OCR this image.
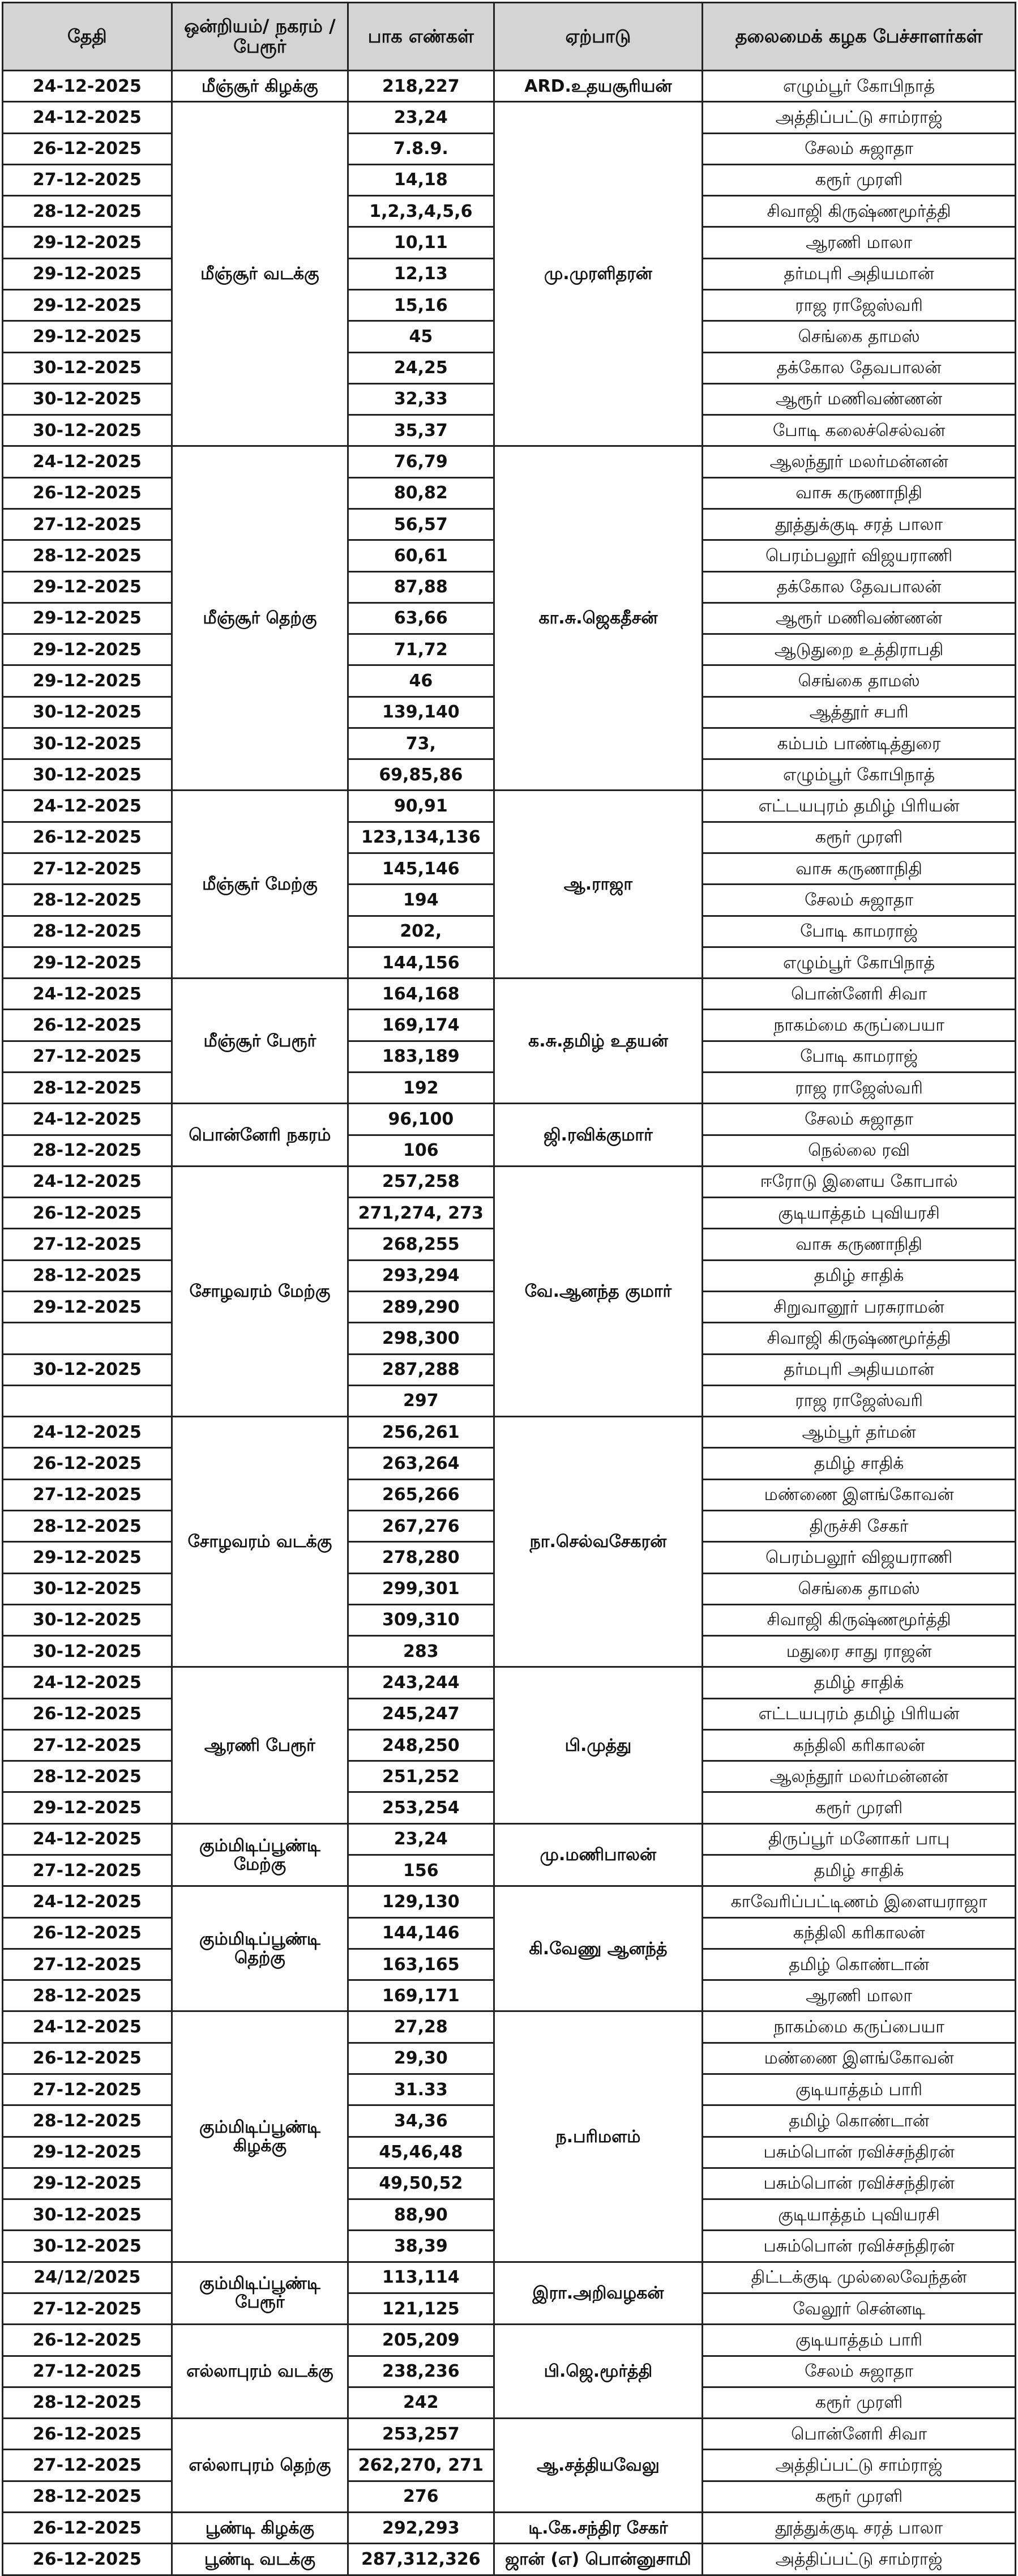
தேதி	ஒன்றியம்/ நகரம் / பேரூர்	பாக எண்கள்	ஏற்பாடு	தலைமைக் கழக பேச்சாளர்கள்
24-12-2025	மீஞ்சூர் கிழக்கு	218,227	ARD.உதயசூரியன்	எழும்பூர் கோபிநாத்
24-12-2025	மீஞ்சூர் வடக்கு	23,24	மு.முரளிதரன்	அத்திப்பட்டு சாம்ராஜ்
26-12-2025		7.8.9.		சேலம் சுஜாதா
27-12-2025		14,18		கரூர் முரளி
28-12-2025		1,2,3,4,5,6		சிவாஜி கிருஷ்ணமூர்த்தி
29-12-2025		10,11		ஆரணி மாலா
29-12-2025		12,13		தர்மபுரி அதியமான்
29-12-2025		15,16		ராஜ ராஜேஸ்வரி
29-12-2025		45		செங்கை தாமஸ்
30-12-2025		24,25		தக்கோல தேவபாலன்
30-12-2025		32,33		ஆரூர் மணிவண்ணன்
30-12-2025		35,37		போடி கலைச்செல்வன்
24-12-2025	மீஞ்சூர் தெற்கு	76,79	கா.சு.ஜெகதீசன்	ஆலந்தூர் மலர்மன்னன்
26-12-2025		80,82		வாசு கருணாநிதி
27-12-2025		56,57		தூத்துக்குடி சரத் பாலா
28-12-2025		60,61		பெரம்பலூர் விஜயராணி
29-12-2025		87,88		தக்கோல தேவபாலன்
29-12-2025		63,66		ஆரூர் மணிவண்ணன்
29-12-2025		71,72		ஆடுதுறை உத்திராபதி
29-12-2025		46		செங்கை தாமஸ்
30-12-2025		139,140		ஆத்தூர் சபரி
30-12-2025		73,		கம்பம் பாண்டித்துரை
30-12-2025		69,85,86		எழும்பூர் கோபிநாத்
24-12-2025	மீஞ்சூர் மேற்கு	90,91	ஆ.ராஜா	எட்டயபுரம் தமிழ் பிரியன்
26-12-2025		123,134,136		கரூர் முரளி
27-12-2025		145,146		வாசு கருணாநிதி
28-12-2025		194		சேலம் சுஜாதா
28-12-2025		202,		போடி காமராஜ்
29-12-2025		144,156		எழும்பூர் கோபிநாத்
24-12-2025	மீஞ்சூர் பேரூர்	164,168	க.சு.தமிழ் உதயன்	பொன்னேரி சிவா
26-12-2025		169,174		நாகம்மை கருப்பையா
27-12-2025		183,189		போடி காமராஜ்
28-12-2025		192		ராஜ ராஜேஸ்வரி
24-12-2025	பொன்னேரி நகரம்	96,100	ஜி.ரவிக்குமார்	சேலம் சுஜாதா
28-12-2025		106		நெல்லை ரவி
24-12-2025	சோழவரம் மேற்கு	257,258	வே.ஆனந்த குமார்	ஈரோடு இளைய கோபால்
26-12-2025		271,274, 273		குடியாத்தம் புவியரசி
27-12-2025		268,255		வாசு கருணாநிதி
28-12-2025		293,294		தமிழ் சாதிக்
29-12-2025		289,290		சிறுவானூர் பரசுராமன்
		298,300		சிவாஜி கிருஷ்ணமூர்த்தி
30-12-2025		287,288		தர்மபுரி அதியமான்
		297		ராஜ ராஜேஸ்வரி
24-12-2025	சோழவரம் வடக்கு	256,261	நா.செல்வசேகரன்	ஆம்பூர் தர்மன்
26-12-2025		263,264		தமிழ் சாதிக்
27-12-2025		265,266		மண்ணை இளங்கோவன்
28-12-2025		267,276		திருச்சி சேகர்
29-12-2025		278,280		பெரம்பலூர் விஜயராணி
30-12-2025		299,301		செங்கை தாமஸ்
30-12-2025		309,310		சிவாஜி கிருஷ்ணமூர்த்தி
30-12-2025		283		மதுரை சாது ராஜன்
24-12-2025	ஆரணி பேரூர்	243,244	பி.முத்து	தமிழ் சாதிக்
26-12-2025		245,247		எட்டயபுரம் தமிழ் பிரியன்
27-12-2025		248,250		கந்திலி கரிகாலன்
28-12-2025		251,252		ஆலந்தூர் மலர்மன்னன்
29-12-2025		253,254		கரூர் முரளி
24-12-2025	கும்மிடிப்பூண்டி மேற்கு	23,24	மு.மணிபாலன்	திருப்பூர் மனோகர் பாபு
27-12-2025		156		தமிழ் சாதிக்
24-12-2025	கும்மிடிப்பூண்டி தெற்கு	129,130	கி.வேணு ஆனந்த்	காவேரிப்பட்டிணம் இளையராஜா
26-12-2025		144,146		கந்திலி கரிகாலன்
27-12-2025		163,165		தமிழ் கொண்டான்
28-12-2025		169,171		ஆரணி மாலா
24-12-2025	கும்மிடிப்பூண்டி கிழக்கு	27,28	ந.பரிமளம்	நாகம்மை கருப்பையா
26-12-2025		29,30		மண்ணை இளங்கோவன்
27-12-2025		31.33		குடியாத்தம் பாரி
28-12-2025		34,36		தமிழ் கொண்டான்
29-12-2025		45,46,48		பசும்பொன் ரவிச்சந்திரன்
29-12-2025		49,50,52		பசும்பொன் ரவிச்சந்திரன்
30-12-2025		88,90		குடியாத்தம் புவியரசி
30-12-2025		38,39		பசும்பொன் ரவிச்சந்திரன்
24/12/2025	கும்மிடிப்பூண்டி பேரூர்	113,114	இரா.அறிவழகன்	திட்டக்குடி முல்லைவேந்தன்
27-12-2025		121,125		வேலூர் சென்னடி
26-12-2025	எல்லாபுரம் வடக்கு	205,209	பி.ஜெ.மூர்த்தி	குடியாத்தம் பாரி
27-12-2025		238,236		சேலம் சுஜாதா
28-12-2025		242		கரூர் முரளி
26-12-2025	எல்லாபுரம் தெற்கு	253,257	ஆ.சத்தியவேலு	பொன்னேரி சிவா
27-12-2025		262,270, 271		அத்திப்பட்டு சாம்ராஜ்
28-12-2025		276		கரூர் முரளி
26-12-2025	பூண்டி கிழக்கு	292,293	டி.கே.சந்திர சேகர்	தூத்துக்குடி சரத் பாலா
26-12-2025	பூண்டி வடக்கு	287,312,326	ஜான் (எ) பொன்னுசாமி	அத்திப்பட்டு சாம்ராஜ்
